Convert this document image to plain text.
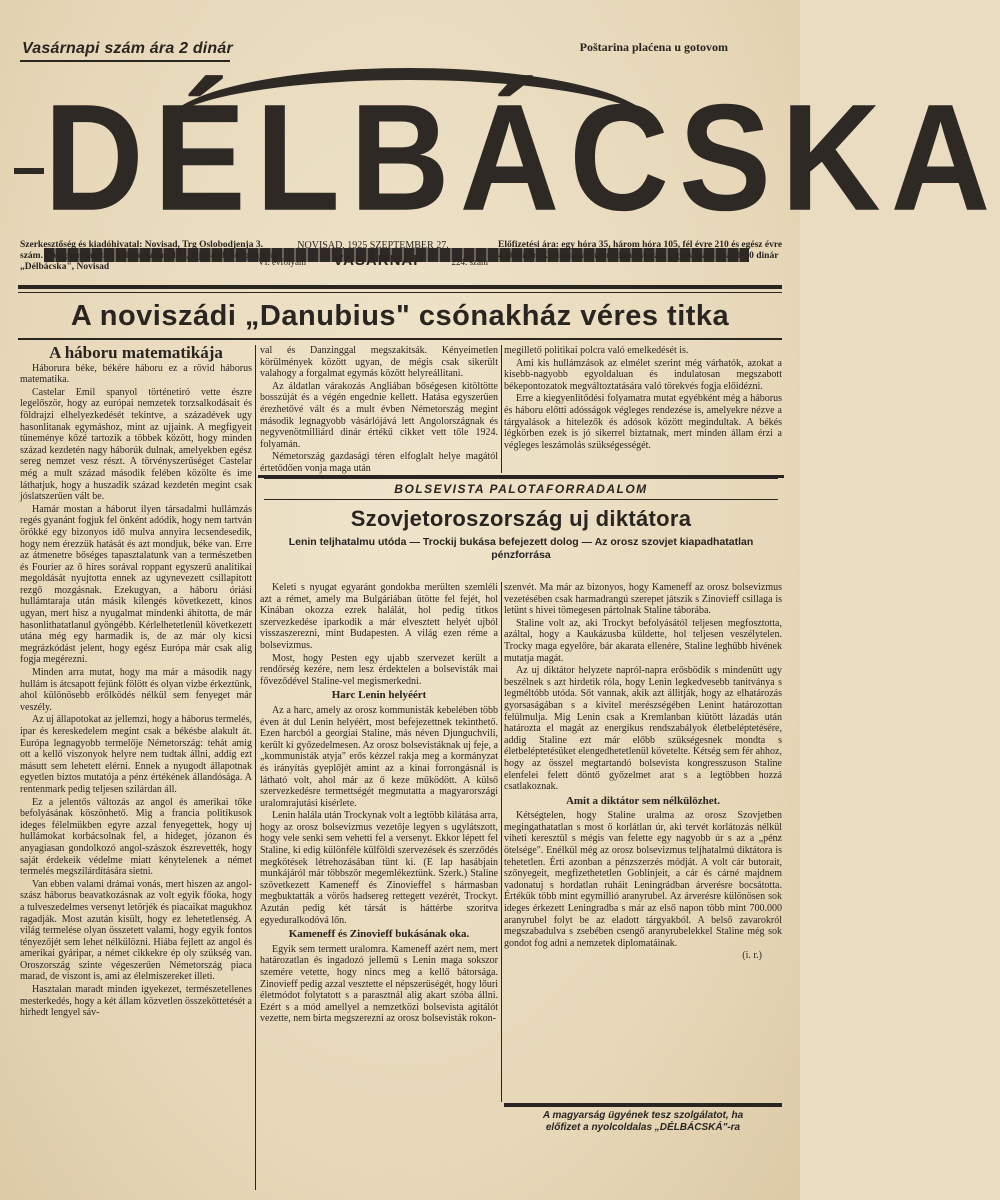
Vasárnapi szám ára 2 dinár	Poštarina plaćena u gotovom
DÉLBÁCSKA
Szerkesztőség és kiadóhivatal: Novisad, Trg Oslobodjenja 3. szám. (Wagner palota.) Telefonszám: 137, éjjel 488. Sürgönycím: „Délbácska", Novisad
NOVISAD, 1925 SZEPTEMBER 27.
VI. évfolyam VASÁRNAP	224. szám
Előfizetési ára: egy hóra 35, három hóra 105, fél évre 210 és egész évre 420 dinár. Kéziratokat nem adunk vissza. Egyes szám ára: 1·50 dinár
A noviszádi „Danubius" csónakház véres titka
A háboru matematikája

Háborura béke, békére háboru ez a rövid háborus matematika.

Castelar Emil spanyol történetiró vette észre legelőször, hogy az európai nemzetek torzsalkodásait és földrajzi elhelyezkedését tekintve, a századévek ugy hasonlitanak egymáshoz, mint az ujjaink. A megfigyeit tüneménye kőzé tartozik a többek között, hogy minden század kezdetén nagy háborúk dulnak, amelyekben egész sereg nemzet vesz részt. A törvényszerűséget Castelar még a mult század második felében közölte és ime láthatjuk, hogy a huszadik század kezdetén megint csak jóslatszerűen vált be.

Hamár mostan a háborut ilyen társadalmi hullámzás regés gyanánt fogjuk fel önként adódik, hogy nem tartván örökké egy bizonyos idő mulva annyira lecsendesedik, hogy nem érezzük hatását és azt mondjuk, béke van. Erre az átmenetre bőséges tapasztalatunk van a természetben és Fourier az ő híres sorával roppant egyszerű analitikai megoldását nyujtotta ennek az ugynevezett csillapitott rezgő mozgásnak. Ezekugyan, a háboru óriási hullámtaraja után másik kilengés következett, kinos ugyan, mert hisz a nyugalmat mindenki áhította, de már hasonlithatatlanul gyöngébb. Kérlelhetetlenül következett utána még egy harmadik is, de az már oly kicsi megrázkódást jelent, hogy egész Európa már csak alig fogja megérezni.

Minden arra mutat, hogy ma már a második nagy hullám is átcsapott fejünk fölött és olyan vizbe érkeztünk, ahol különösebb erőlködés nélkül sem fenyeget már veszély.

Az uj állapotokat az jellemzi, hogy a háborus termelés, ipar és kereskedelem megint csak a békésbe alakult át. Európa legnagyobb termelője Németország: tehát amig ott a kellő viszonyok helyre nem tudtak állni, addig ezt másutt sem lehetett elérni. Ennek a nyugodt állapotnak egyetlen biztos mutatója a pénz értékének állandósága. A rentenmark pedig teljesen szilárdan áll.

Ez a jelentős változás az angol és amerikai tőke befolyásának köszönhető. Mig a francia politikusok ideges félelmükben egyre azzal fenyegettek, hogy uj hullámokat korbácsolnak fel, a hideget, józanon és anyagiasan gondolkozó angol-szászok észrevették, hogy saját érdekeik védelme miatt kénytelenek a német termelés megszilárdítására sietni.

Van ebben valami drámai vonás, mert hiszen az angol-szász háborus beavatkozásnak az volt egyik főoka, hogy a tulveszedelmes versenyt letörjék és piacaikat magukhoz ragadják. Most azután kisült, hogy ez lehetetlenség. A világ termelése olyan összetett valami, hogy egyik fontos tényezőjét sem lehet nélkülözni. Hiába fejlett az angol és amerikai gyáripar, a német cikkekre ép oly szükség van. Oroszország szinte végeszerűen Németország piaca marad, de viszont is, ami az élelmiszereket illeti.

Hasztalan maradt minden igyekezet, természetellenes mesterkedés, hogy a két állam közvetlen összeköttetését a hirhedt lengyel sáv-

val és Danzinggal megszakitsák. Kényeimetlen körülmények között ugyan, de mégis csak sikerült valahogy a forgalmat egymás között helyreállitani.

Az áldatlan várakozás Angliában bőségesen kitöltötte bosszúját és a végén engednie kellett. Hatása egyszerűen érezhetővé vált és a mult évben Németország megint második legnagyobb vásárlójává lett Angolországnak és negyvenötmilliárd dinár értékű cikket vett tőle 1924. folyamán.

Németország gazdasági téren elfoglalt helye magától értetődően vonja maga után

megillető politikai polcra való emelkedését is.

Ami kis hullámzások az elmélet szerint még várhatók, azokat a kisebb-nagyobb egyoldaluan és indulatosan megszabott békepontozatok megváltoztatására való törekvés fogja előidézni.

Erre a kiegyenlitődési folyamatra mutat egyébként még a háborus és háboru előtti adósságok végleges rendezése is, amelyekre nézve a tárgyalások a hitelezők és adósok között megindultak. A békés légkörben ezek is jó sikerrel biztatnak, mert minden állam érzi a végleges leszámolás szükségességét.

BOLSEVISTA PALOTAFORRADALOM
Szovjetoroszország uj diktátora
Lenin teljhatalmu utóda — Trockij bukása befejezett dolog — Az orosz szovjet kiapadhatatlan pénzforrása

Keleti s nyugat egyaránt gondokba merülten szemléli azt a rémet, amely ma Bulgáriában ütötte fel fejét, hol Kinában okozza ezrek halálát, hol pedig titkos szervezkedése iparkodik a már elvesztett helyét ujból visszaszerezni, mint Budapesten. A világ ezen réme a bolsevizmus.

Most, hogy Pesten egy ujabb szervezet került a rendőrség kezére, nem lesz érdektelen a bolsevisták mai főveződével Staline-vel megismerkedni.

Harc Lenin helyéért

Az a harc, amely az orosz kommunisták kebelében több éven át dul Lenin helyéért, most befejezettnek tekinthető. Ezen harcból a georgiai Staline, más néven Djunguchvili, került ki győzedelmesen. Az orosz bolsevistáknak uj feje, a „kommunisták atyja" erős kézzel rakja meg a kormányzat és irányítás gyeplőjét amint az a kinai forrongásnál is látható volt, ahol már az ő keze működött. A külső szervezkedésre termettségét megmutatta a magyarországi uralomrajutási kisérlete.

Lenin halála után Trockynak volt a legtöbb kilátása arra, hogy az orosz bolsevizmus vezetője legyen s ugylátszott, hogy vele senki sem vehetti fel a versenyt. Ekkor lépett fel Staline, ki edig különféle külföldi szervezések és szerződés megkötések létrehozásában tünt ki. (E lap hasábjain munkájáról már többször megemlékeztünk. Szerk.) Staline szövetkezett Kameneff és Zinovieffel s hármasban megbuktatták a vörös hadsereg rettegett vezérét, Trockyt. Azután pedig két társát is háttérbe szoritva egyeduralkodóvá lőn.

Kameneff és Zinovieff bukásának oka.

Egyik sem termett uralomra. Kameneff azért nem, mert határozatlan és ingadozó jellemü s Lenin maga sokszor szemére vetette, hogy nincs meg a kellő bátorsága. Zinovieff pedig azzal vesztette el népszerüségét, hogy lőuri életmódot folytatott s a parasztnál alig akart szóba állni. Ezért s a mód amellyel a nemzetközi bolsevista agitálót vezette, nem birta megszerezni az orosz bolsevisták rokon-

szenvét. Ma már az bizonyos, hogy Kameneff az orosz bolsevizmus vezetésében csak harmadrangú szerepet játszik s Zinovieff csillaga is letünt s hivei tömegesen pártolnak Staline táborába.

Staline volt az, aki Trockyt befolyásától teljesen megfosztotta, azáltal, hogy a Kaukázusba küldette, hol teljesen veszélytelen. Trocky maga egyelőre, bár akarata ellenére, Staline leghűbb hivének mutatja magát.

Az uj diktátor helyzete napról-napra erősbödik s mindenütt ugy beszélnek s azt hirdetik róla, hogy Lenin legkedvesebb tanitványa s legméltóbb utóda. Sőt vannak, akik azt állitják, hogy az elhatározás gyorsaságában s a kivitel merészségében Lenint határozottan felülmulja. Mig Lenin csak a Kremlanban kiütött lázadás után határozta el magát az energikus rendszabályok életbeléptetésére, addig Staline ezt már előbb szükségesnek mondta s életbeléptetésüket elengedhetetlenül követelte. Kétség sem fér ahhoz, hogy az összel megtartandó bolsevista kongresszuson Staline elenfelei felett döntő győzelmet arat s a legtöbben hozzá csatlakoznak.

Amit a diktátor sem nélkülözhet.

Kétségtelen, hogy Staline uralma az orosz Szovjetben megingathatatlan s most ő korlátlan úr, aki tervét korlátozás nélkül viheti keresztül s mégis van felette egy nagyobb úr s az a „pénz ötelsége". Enélkül még az orosz bolsevizmus teljhatalmú diktátora is tehetetlen. Érti azonban a pénzszerzés módját. A volt cár butorait, szőnyegeit, megfizethetetlen Goblinjeit, a cár és cárné majdnem vadonatuj s hordatlan ruháit Leningrádban árverésre bocsátotta. Értékük több mint egymillió aranyrubel. Az árverésre különösen sok ideges érkezett Leningradba s már az első napon több mint 700.000 aranyrubel folyt be az eladott tárgyakból. A belső zavarokról megszabadulva s zsebében csengő aranyrubelekkel Staline még sok gondot fog adni a nemzetek diplomatáinak.

(i. r.)
A magyarság ügyének tesz szolgálatot, ha
előfizet a nyolcoldalas „DÉLBÁCSKÁ"-ra
